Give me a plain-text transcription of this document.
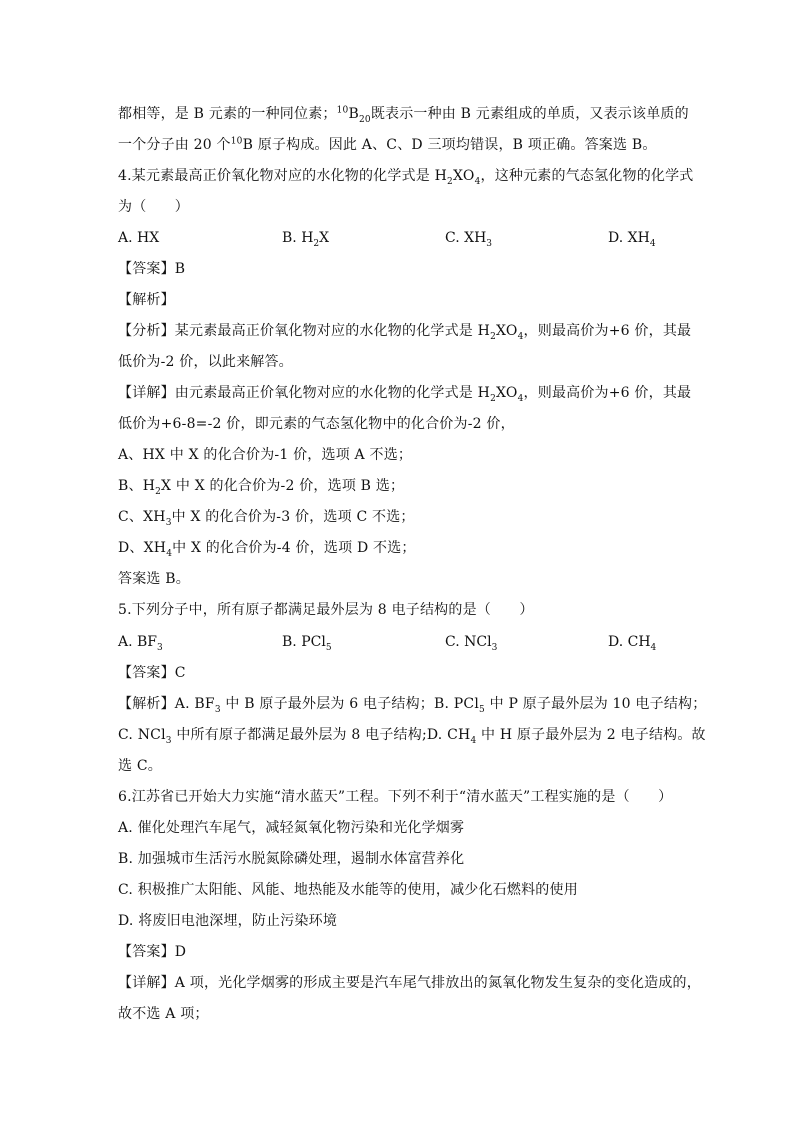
都相等，是 B 元素的一种同位素；$^{10}B_{20}$既表示一种由 B 元素组成的单质，又表示该单质的
一个分子由 20 个$^{10}$B 原子构成。因此 A、C、D 三项均错误，B 项正确。答案选 B。
4.某元素最高正价氧化物对应的水化物的化学式是 $H_2XO_4$，这种元素的气态氢化物的化学式
为（　　）
A. HX	B. $H_2X$	C. $XH_3$	D. $XH_4$
【答案】B
【解析】
【分析】某元素最高正价氧化物对应的水化物的化学式是 $H_2XO_4$，则最高价为+6 价，其最
低价为-2 价，以此来解答。
【详解】由元素最高正价氧化物对应的水化物的化学式是 $H_2XO_4$，则最高价为+6 价，其最
低价为+6-8=-2 价，即元素的气态氢化物中的化合价为-2 价，
A、HX 中 X 的化合价为-1 价，选项 A 不选；
B、$H_2X$ 中 X 的化合价为-2 价，选项 B 选；
C、$XH_3$中 X 的化合价为-3 价，选项 C 不选；
D、$XH_4$中 X 的化合价为-4 价，选项 D 不选；
答案选 B。
5.下列分子中，所有原子都满足最外层为 8 电子结构的是（　　）
A. $BF_3$	B. PCl$_5$	C. NCl$_3$	D. $CH_4$
【答案】C
【解析】A. $BF_3$ 中 B 原子最外层为 6 电子结构；B. PCl$_5$ 中 P 原子最外层为 10 电子结构；
C. NCl$_3$ 中所有原子都满足最外层为 8 电子结构;D. $CH_4$ 中 H 原子最外层为 2 电子结构。故
选 C。
6.江苏省已开始大力实施“清水蓝天”工程。下列不利于“清水蓝天”工程实施的是（　　）
A. 催化处理汽车尾气，减轻氮氧化物污染和光化学烟雾
B. 加强城市生活污水脱氮除磷处理，遏制水体富营养化
C. 积极推广太阳能、风能、地热能及水能等的使用，减少化石燃料的使用
D. 将废旧电池深埋，防止污染环境
【答案】D
【详解】A 项，光化学烟雾的形成主要是汽车尾气排放出的氮氧化物发生复杂的变化造成的，
故不选 A 项；
